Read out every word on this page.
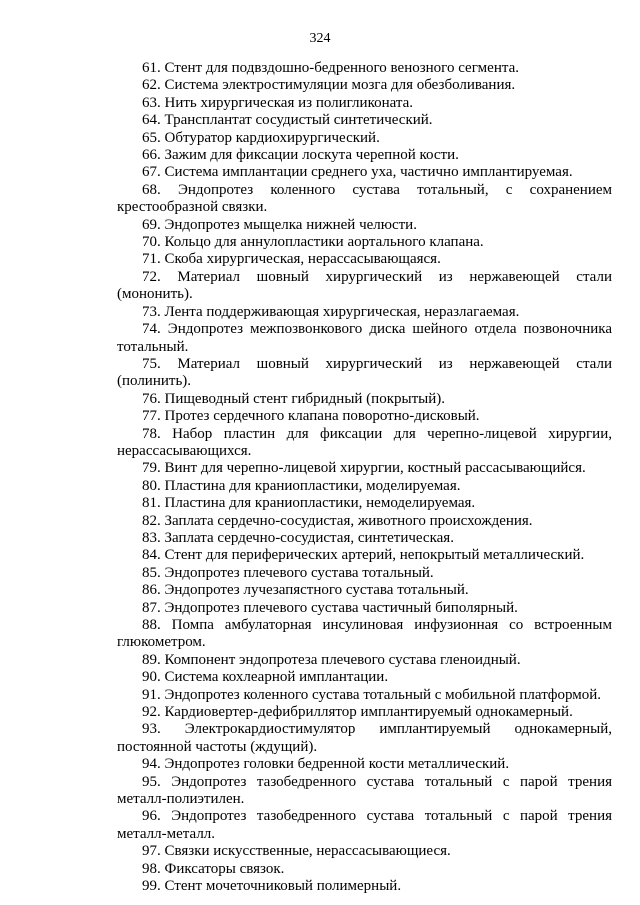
324

61. Стент для подвздошно-бедренного венозного сегмента.

62. Система электростимуляции мозга для обезболивания.

63. Нить хирургическая из полигликоната.

64. Трансплантат сосудистый синтетический.

65. Обтуратор кардиохирургический.

66. Зажим для фиксации лоскута черепной кости.

67. Система имплантации среднего уха, частично имплантируемая.

68. Эндопротез коленного сустава тотальный, с сохранением крестообразной связки.

69. Эндопротез мыщелка нижней челюсти.

70. Кольцо для аннулопластики аортального клапана.

71. Скоба хирургическая, нерассасывающаяся.

72. Материал шовный хирургический из нержавеющей стали (мононить).

73. Лента поддерживающая хирургическая, неразлагаемая.

74. Эндопротез межпозвонкового диска шейного отдела позвоночника тотальный.

75. Материал шовный хирургический из нержавеющей стали (полинить).

76. Пищеводный стент гибридный (покрытый).

77. Протез сердечного клапана поворотно-дисковый.

78. Набор пластин для фиксации для черепно-лицевой хирургии, нерассасывающихся.

79. Винт для черепно-лицевой хирургии, костный рассасывающийся.

80. Пластина для краниопластики, моделируемая.

81. Пластина для краниопластики, немоделируемая.

82. Заплата сердечно-сосудистая, животного происхождения.

83. Заплата сердечно-сосудистая, синтетическая.

84. Стент для периферических артерий, непокрытый металлический.

85. Эндопротез плечевого сустава тотальный.

86. Эндопротез лучезапястного сустава тотальный.

87. Эндопротез плечевого сустава частичный биполярный.

88. Помпа амбулаторная инсулиновая инфузионная со встроенным глюкометром.

89. Компонент эндопротеза плечевого сустава гленоидный.

90. Система кохлеарной имплантации.

91. Эндопротез коленного сустава тотальный с мобильной платформой.

92. Кардиовертер-дефибриллятор имплантируемый однокамерный.

93. Электрокардиостимулятор имплантируемый однокамерный, постоянной частоты (ждущий).

94. Эндопротез головки бедренной кости металлический.

95. Эндопротез тазобедренного сустава тотальный с парой трения металл-полиэтилен.

96. Эндопротез тазобедренного сустава тотальный с парой трения металл-металл.

97. Связки искусственные, нерассасывающиеся.

98. Фиксаторы связок.

99. Стент мочеточниковый полимерный.
